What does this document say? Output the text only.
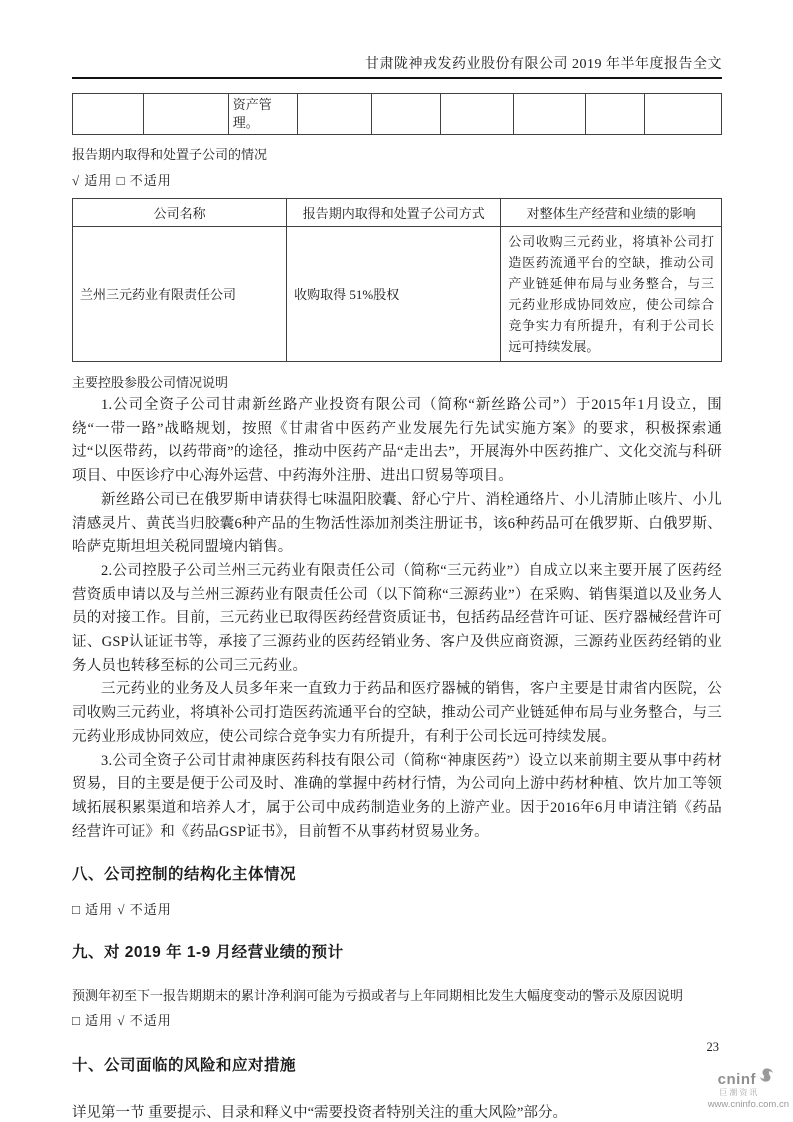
甘肃陇神戎发药业股份有限公司 2019 年半年度报告全文
		资产管理。						
报告期内取得和处置子公司的情况
√ 适用 □ 不适用
公司名称	报告期内取得和处置子公司方式	对整体生产经营和业绩的影响
兰州三元药业有限责任公司	收购取得 51%股权	公司收购三元药业，将填补公司打造医药流通平台的空缺，推动公司产业链延伸布局与业务整合，与三元药业形成协同效应，使公司综合竞争实力有所提升，有利于公司长远可持续发展。
主要控股参股公司情况说明

1.公司全资子公司甘肃新丝路产业投资有限公司（简称“新丝路公司”）于2015年1月设立，围绕“一带一路”战略规划，按照《甘肃省中医药产业发展先行先试实施方案》的要求，积极探索通过“以医带药，以药带商”的途径，推动中医药产品“走出去”，开展海外中医药推广、文化交流与科研项目、中医诊疗中心海外运营、中药海外注册、进出口贸易等项目。

新丝路公司已在俄罗斯申请获得七味温阳胶囊、舒心宁片、消栓通络片、小儿清肺止咳片、小儿清感灵片、黄芪当归胶囊6种产品的生物活性添加剂类注册证书，该6种药品可在俄罗斯、白俄罗斯、哈萨克斯坦坦关税同盟境内销售。

2.公司控股子公司兰州三元药业有限责任公司（简称“三元药业”）自成立以来主要开展了医药经营资质申请以及与兰州三源药业有限责任公司（以下简称“三源药业”）在采购、销售渠道以及业务人员的对接工作。目前，三元药业已取得医药经营资质证书，包括药品经营许可证、医疗器械经营许可证、GSP认证证书等，承接了三源药业的医药经销业务、客户及供应商资源，三源药业医药经销的业务人员也转移至标的公司三元药业。

三元药业的业务及人员多年来一直致力于药品和医疗器械的销售，客户主要是甘肃省内医院，公司收购三元药业，将填补公司打造医药流通平台的空缺，推动公司产业链延伸布局与业务整合，与三元药业形成协同效应，使公司综合竞争实力有所提升，有利于公司长远可持续发展。

3.公司全资子公司甘肃神康医药科技有限公司（简称“神康医药”）设立以来前期主要从事中药材贸易，目的主要是便于公司及时、准确的掌握中药材行情，为公司向上游中药材种植、饮片加工等领域拓展积累渠道和培养人才，属于公司中成药制造业务的上游产业。因于2016年6月申请注销《药品经营许可证》和《药品GSP证书》，目前暂不从事药材贸易业务。

八、公司控制的结构化主体情况
□ 适用 √ 不适用
九、对 2019 年 1-9 月经营业绩的预计
预测年初至下一报告期期末的累计净利润可能为亏损或者与上年同期相比发生大幅度变动的警示及原因说明
□ 适用 √ 不适用
十、公司面临的风险和应对措施
详见第一节 重要提示、目录和释义中“需要投资者特别关注的重大风险”部分。
23
cninf
巨潮资讯
www.cninfo.com.cn
